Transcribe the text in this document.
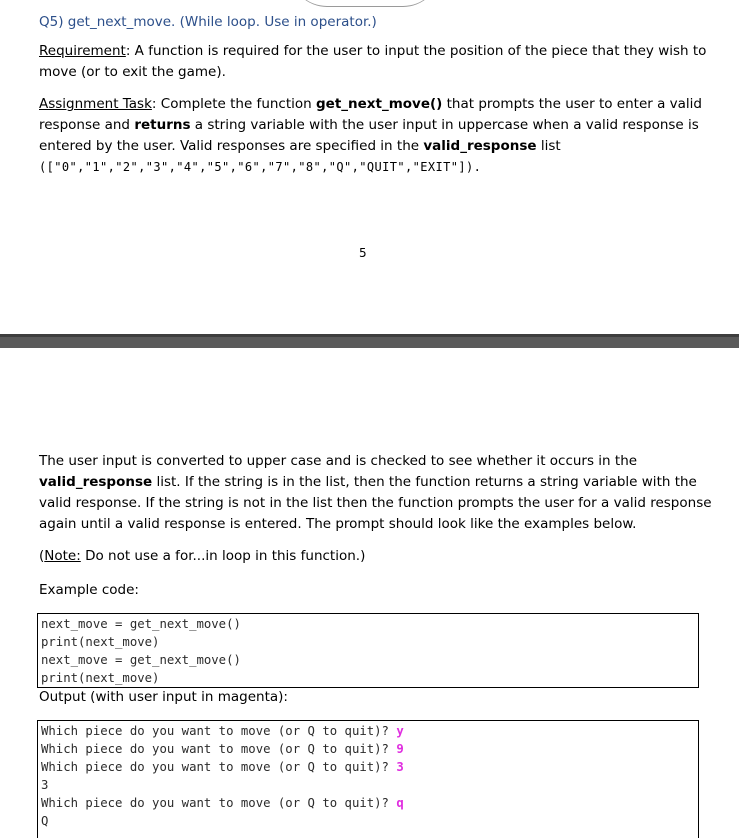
Q5) get_next_move. (While loop. Use in operator.)
Requirement: A function is required for the user to input the position of the piece that they wish to move (or to exit the game).
Assignment Task: Complete the function get_next_move() that prompts the user to enter a valid response and returns a string variable with the user input in uppercase when a valid response is entered by the user. Valid responses are specified in the valid_response list
(["0","1","2","3","4","5","6","7","8","Q","QUIT","EXIT"]).
5
The user input is converted to upper case and is checked to see whether it occurs in the valid_response list. If the string is in the list, then the function returns a string variable with the valid response. If the string is not in the list then the function prompts the user for a valid response again until a valid response is entered. The prompt should look like the examples below.
(Note: Do not use a for...in loop in this function.)
Example code:
next_move = get_next_move()
print(next_move)
next_move = get_next_move()
print(next_move)
Output (with user input in magenta):
Which piece do you want to move (or Q to quit)? y
Which piece do you want to move (or Q to quit)? 9
Which piece do you want to move (or Q to quit)? 3
3
Which piece do you want to move (or Q to quit)? q
Q
